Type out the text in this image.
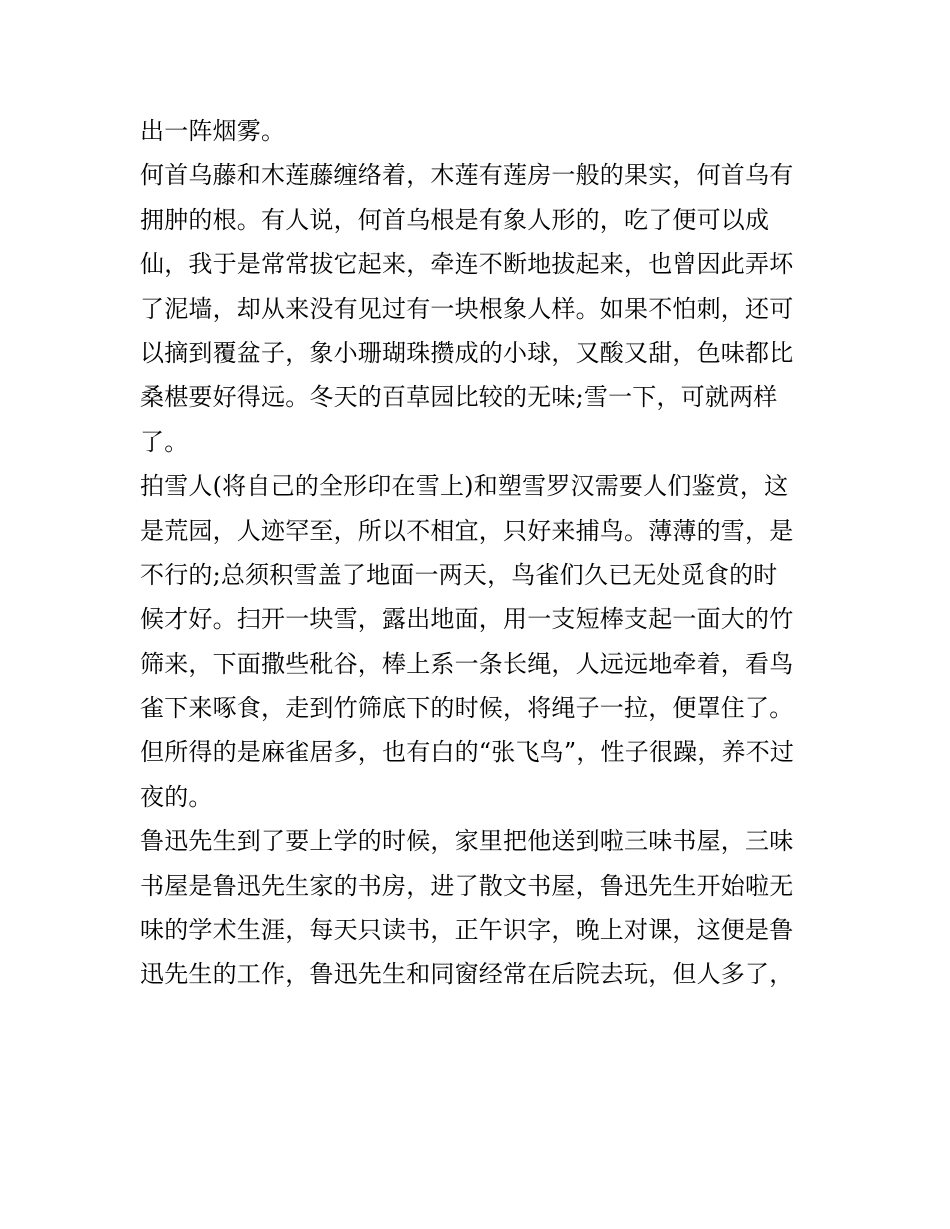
出一阵烟雾。
何首乌藤和木莲藤缠络着，木莲有莲房一般的果实，何首乌有
拥肿的根。有人说，何首乌根是有象人形的，吃了便可以成
仙，我于是常常拔它起来，牵连不断地拔起来，也曾因此弄坏
了泥墙，却从来没有见过有一块根象人样。如果不怕刺，还可
以摘到覆盆子，象小珊瑚珠攒成的小球，又酸又甜，色味都比
桑椹要好得远。冬天的百草园比较的无味;雪一下，可就两样
了。
拍雪人(将自己的全形印在雪上)和塑雪罗汉需要人们鉴赏，这
是荒园，人迹罕至，所以不相宜，只好来捕鸟。薄薄的雪，是
不行的;总须积雪盖了地面一两天，鸟雀们久已无处觅食的时
候才好。扫开一块雪，露出地面，用一支短棒支起一面大的竹
筛来，下面撒些秕谷，棒上系一条长绳，人远远地牵着，看鸟
雀下来啄食，走到竹筛底下的时候，将绳子一拉，便罩住了。
但所得的是麻雀居多，也有白的“张飞鸟”，性子很躁，养不过
夜的。
鲁迅先生到了要上学的时候，家里把他送到啦三味书屋，三味
书屋是鲁迅先生家的书房，进了散文书屋，鲁迅先生开始啦无
味的学术生涯，每天只读书，正午识字，晚上对课，这便是鲁
迅先生的工作，鲁迅先生和同窗经常在后院去玩，但人多了，
